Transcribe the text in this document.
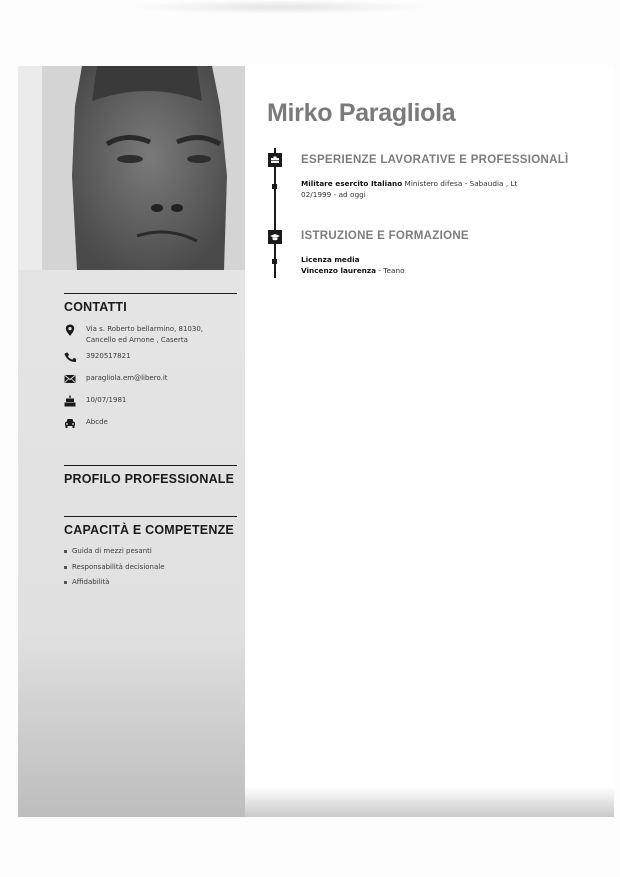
CONTATTI
Via s. Roberto bellarmino, 81030,
Cancello ed Arnone , Caserta
3920517821
paragliola.em@libero.it
10/07/1981
Abcde
PROFILO PROFESSIONALE
CAPACITÀ E COMPETENZE
Guida di mezzi pesanti
Responsabilità decisionale
Affidabilità
Mirko Paragliola
ESPERIENZE LAVORATIVE E PROFESSIONALÌ
Militare esercito Italiano Ministero difesa - Sabaudia , Lt
02/1999 - ad oggi
ISTRUZIONE E FORMAZIONE
Licenza media
Vincenzo laurenza - Teano
